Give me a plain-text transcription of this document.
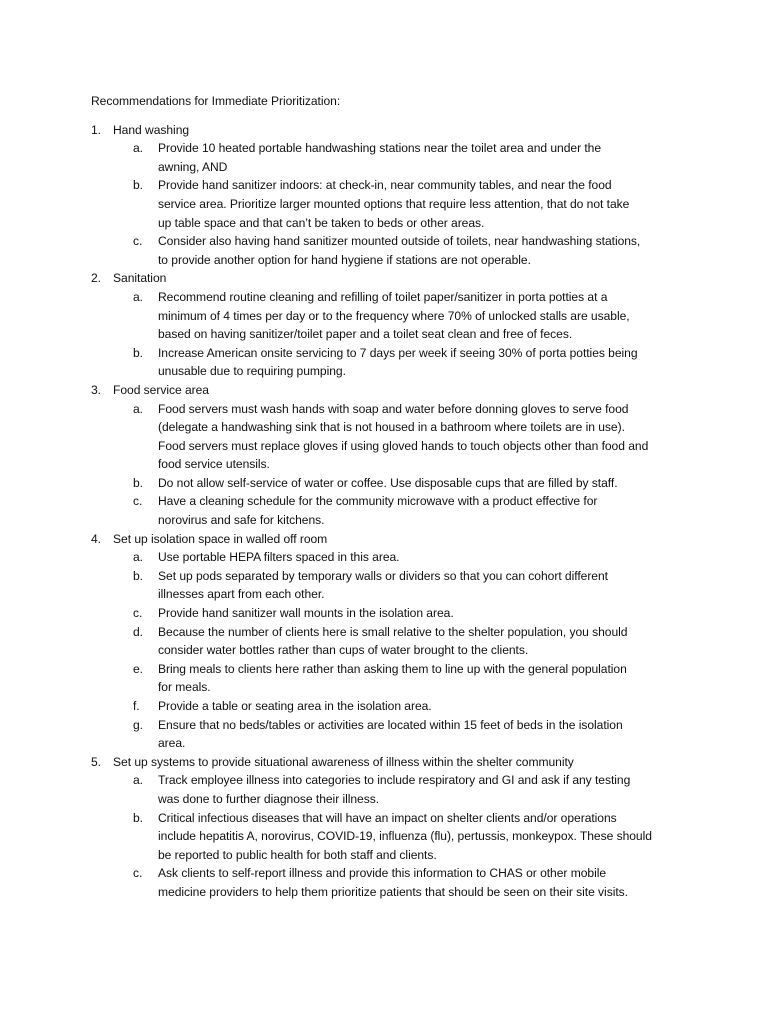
Recommendations for Immediate Prioritization:
1. Hand washing
a. Provide 10 heated portable handwashing stations near the toilet area and under the
awning, AND
b. Provide hand sanitizer indoors: at check-in, near community tables, and near the food
service area. Prioritize larger mounted options that require less attention, that do not take
up table space and that can’t be taken to beds or other areas.
c. Consider also having hand sanitizer mounted outside of toilets, near handwashing stations,
to provide another option for hand hygiene if stations are not operable.
2. Sanitation
a. Recommend routine cleaning and refilling of toilet paper/sanitizer in porta potties at a
minimum of 4 times per day or to the frequency where 70% of unlocked stalls are usable,
based on having sanitizer/toilet paper and a toilet seat clean and free of feces.
b. Increase American onsite servicing to 7 days per week if seeing 30% of porta potties being
unusable due to requiring pumping.
3. Food service area
a. Food servers must wash hands with soap and water before donning gloves to serve food
(delegate a handwashing sink that is not housed in a bathroom where toilets are in use).
Food servers must replace gloves if using gloved hands to touch objects other than food and
food service utensils.
b. Do not allow self-service of water or coffee. Use disposable cups that are filled by staff.
c. Have a cleaning schedule for the community microwave with a product effective for
norovirus and safe for kitchens.
4. Set up isolation space in walled off room
a. Use portable HEPA filters spaced in this area.
b. Set up pods separated by temporary walls or dividers so that you can cohort different
illnesses apart from each other.
c. Provide hand sanitizer wall mounts in the isolation area.
d. Because the number of clients here is small relative to the shelter population, you should
consider water bottles rather than cups of water brought to the clients.
e. Bring meals to clients here rather than asking them to line up with the general population
for meals.
f. Provide a table or seating area in the isolation area.
g. Ensure that no beds/tables or activities are located within 15 feet of beds in the isolation
area.
5. Set up systems to provide situational awareness of illness within the shelter community
a. Track employee illness into categories to include respiratory and GI and ask if any testing
was done to further diagnose their illness.
b. Critical infectious diseases that will have an impact on shelter clients and/or operations
include hepatitis A, norovirus, COVID-19, influenza (flu), pertussis, monkeypox. These should
be reported to public health for both staff and clients.
c. Ask clients to self-report illness and provide this information to CHAS or other mobile
medicine providers to help them prioritize patients that should be seen on their site visits.
